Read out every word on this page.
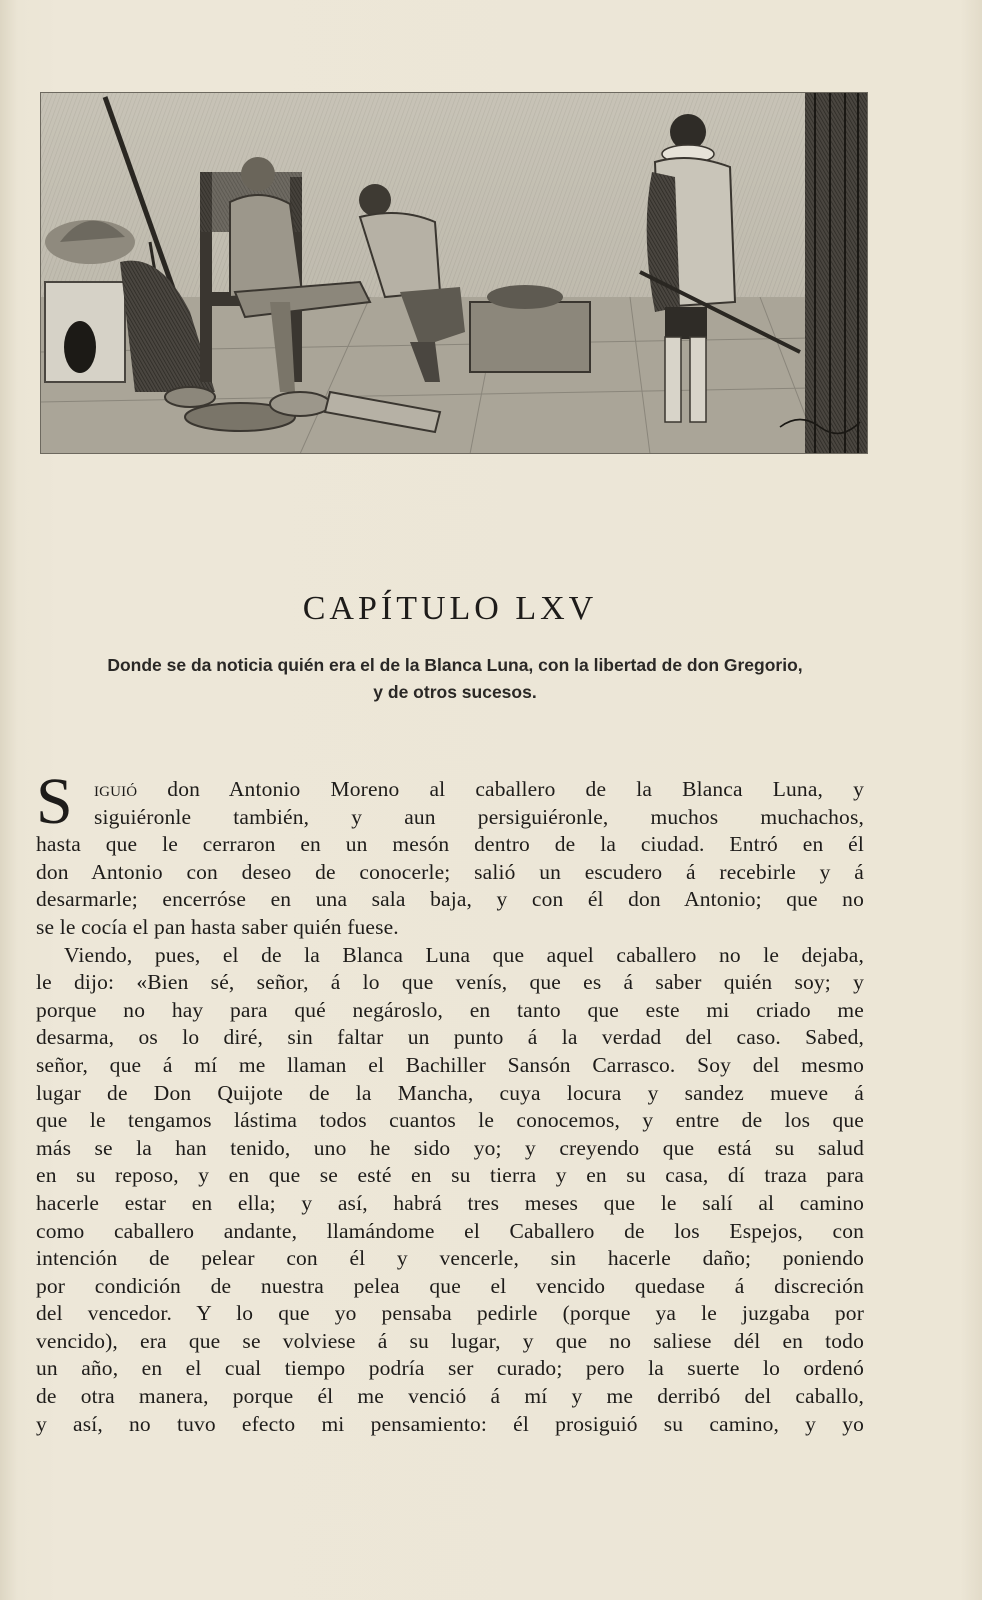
CAPÍTULO LXV
Donde se da noticia quién era el de la Blanca Luna, con la libertad de don Gregorio,
y de otros sucesos.
S iguió don Antonio Moreno al caballero de la Blanca Luna, y
siguiéronle también, y aun persiguiéronle, muchos muchachos,
hasta que le cerraron en un mesón dentro de la ciudad. Entró en él
don Antonio con deseo de conocerle; salió un escudero á recebirle y á
desarmarle; encerróse en una sala baja, y con él don Antonio; que no
se le cocía el pan hasta saber quién fuese.
Viendo, pues, el de la Blanca Luna que aquel caballero no le dejaba,
le dijo: «Bien sé, señor, á lo que venís, que es á saber quién soy; y
porque no hay para qué negároslo, en tanto que este mi criado me
desarma, os lo diré, sin faltar un punto á la verdad del caso. Sabed,
señor, que á mí me llaman el Bachiller Sansón Carrasco. Soy del mesmo
lugar de Don Quijote de la Mancha, cuya locura y sandez mueve á
que le tengamos lástima todos cuantos le conocemos, y entre de los que
más se la han tenido, uno he sido yo; y creyendo que está su salud
en su reposo, y en que se esté en su tierra y en su casa, dí traza para
hacerle estar en ella; y así, habrá tres meses que le salí al camino
como caballero andante, llamándome el Caballero de los Espejos, con
intención de pelear con él y vencerle, sin hacerle daño; poniendo
por condición de nuestra pelea que el vencido quedase á discreción
del vencedor. Y lo que yo pensaba pedirle (porque ya le juzgaba por
vencido), era que se volviese á su lugar, y que no saliese dél en todo
un año, en el cual tiempo podría ser curado; pero la suerte lo ordenó
de otra manera, porque él me venció á mí y me derribó del caballo,
y así, no tuvo efecto mi pensamiento: él prosiguió su camino, y yo
